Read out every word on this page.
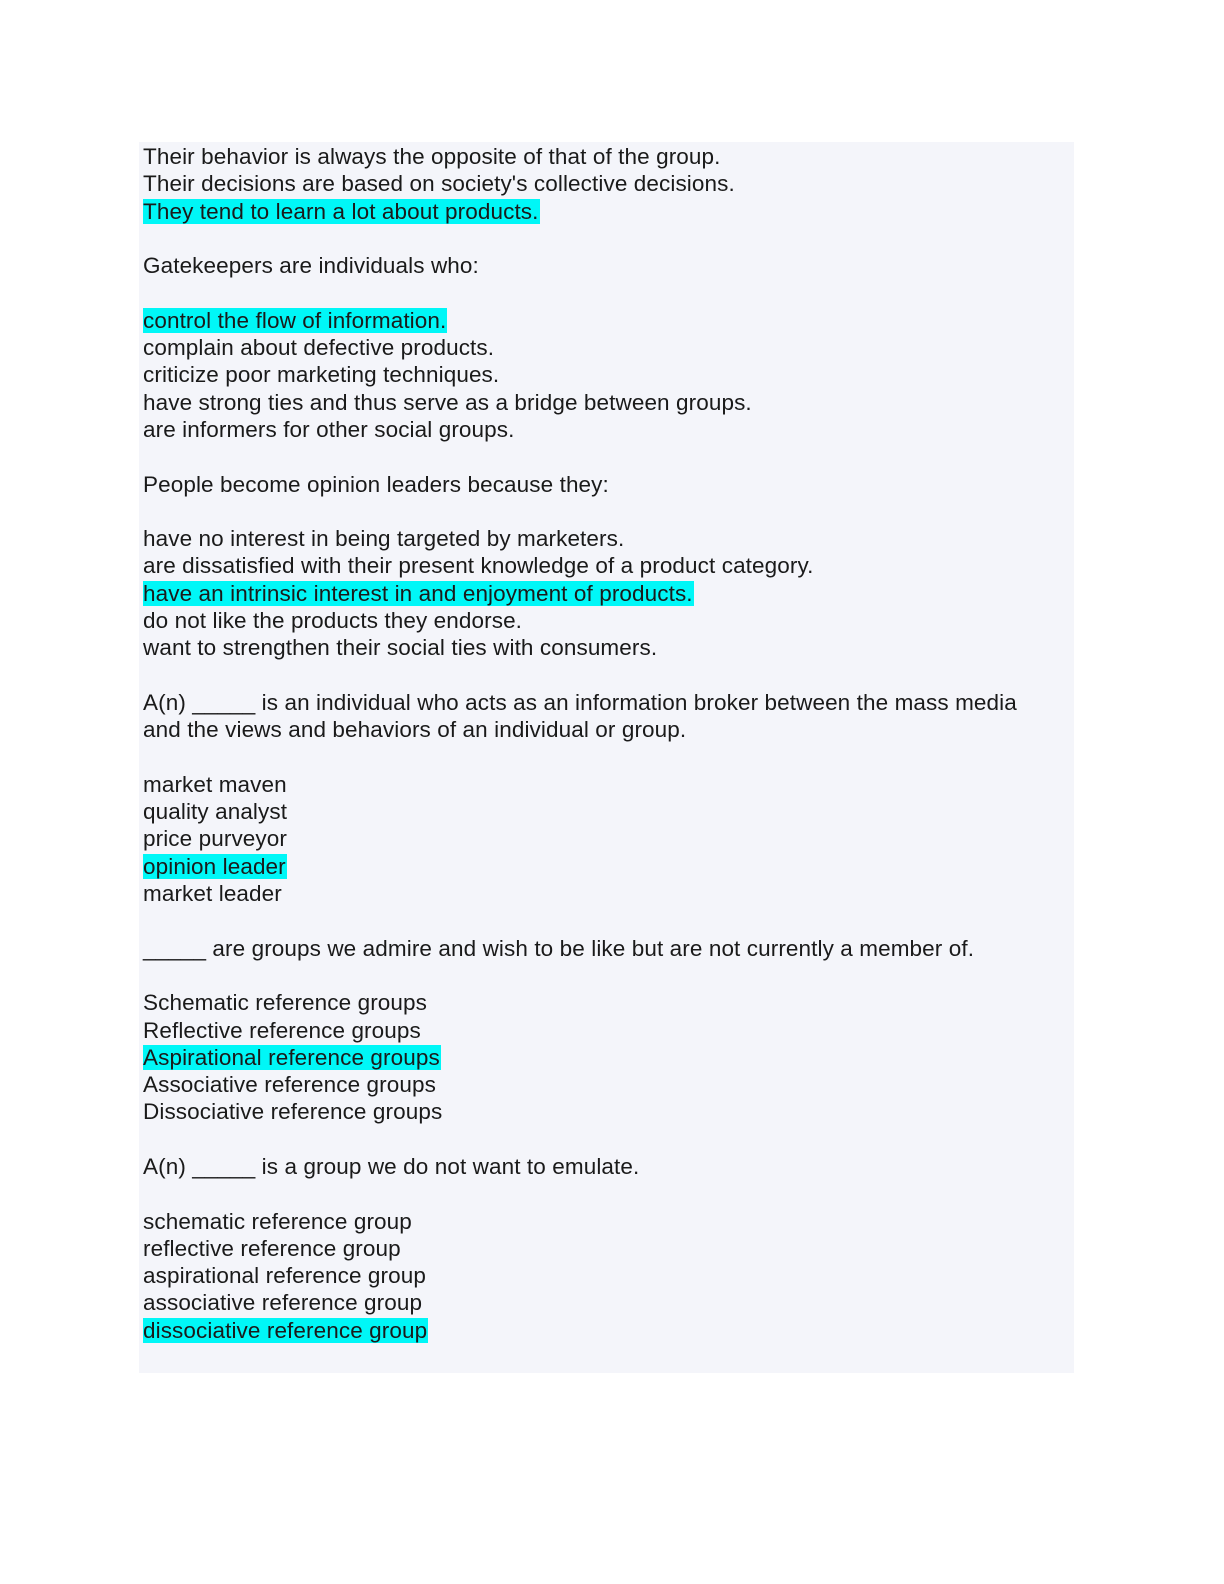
Their behavior is always the opposite of that of the group.
Their decisions are based on society's collective decisions.
They tend to learn a lot about products.
Gatekeepers are individuals who:
control the flow of information.
complain about defective products.
criticize poor marketing techniques.
have strong ties and thus serve as a bridge between groups.
are informers for other social groups.
People become opinion leaders because they:
have no interest in being targeted by marketers.
are dissatisfied with their present knowledge of a product category.
have an intrinsic interest in and enjoyment of products.
do not like the products they endorse.
want to strengthen their social ties with consumers.
A(n) _____ is an individual who acts as an information broker between the mass media
and the views and behaviors of an individual or group.
market maven
quality analyst
price purveyor
opinion leader
market leader
_____ are groups we admire and wish to be like but are not currently a member of.
Schematic reference groups
Reflective reference groups
Aspirational reference groups
Associative reference groups
Dissociative reference groups
A(n) _____ is a group we do not want to emulate.
schematic reference group
reflective reference group
aspirational reference group
associative reference group
dissociative reference group
